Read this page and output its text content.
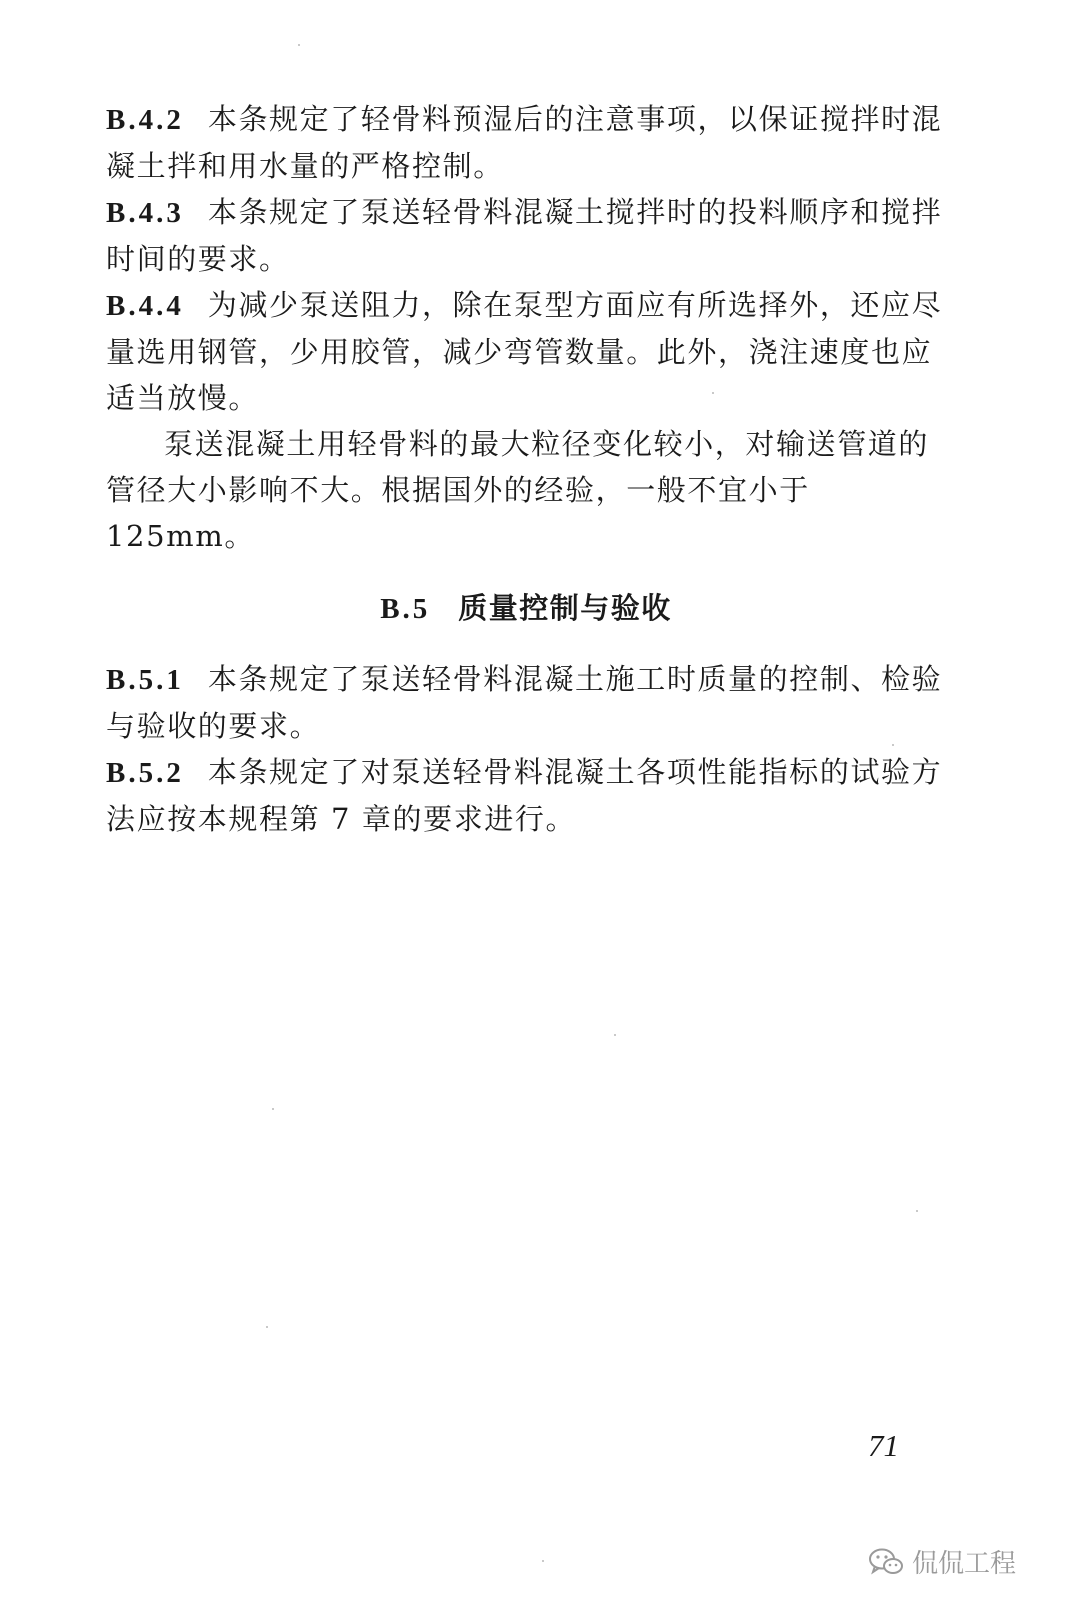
B.4.2 本条规定了轻骨料预湿后的注意事项，以保证搅拌时混凝土拌和用水量的严格控制。

B.4.3 本条规定了泵送轻骨料混凝土搅拌时的投料顺序和搅拌时间的要求。

B.4.4 为减少泵送阻力，除在泵型方面应有所选择外，还应尽量选用钢管，少用胶管，减少弯管数量。此外，浇注速度也应适当放慢。

泵送混凝土用轻骨料的最大粒径变化较小，对输送管道的管径大小影响不大。根据国外的经验，一般不宜小于 125mm。

B.5 质量控制与验收

B.5.1 本条规定了泵送轻骨料混凝土施工时质量的控制、检验与验收的要求。

B.5.2 本条规定了对泵送轻骨料混凝土各项性能指标的试验方法应按本规程第 7 章的要求进行。

71
侃侃工程
